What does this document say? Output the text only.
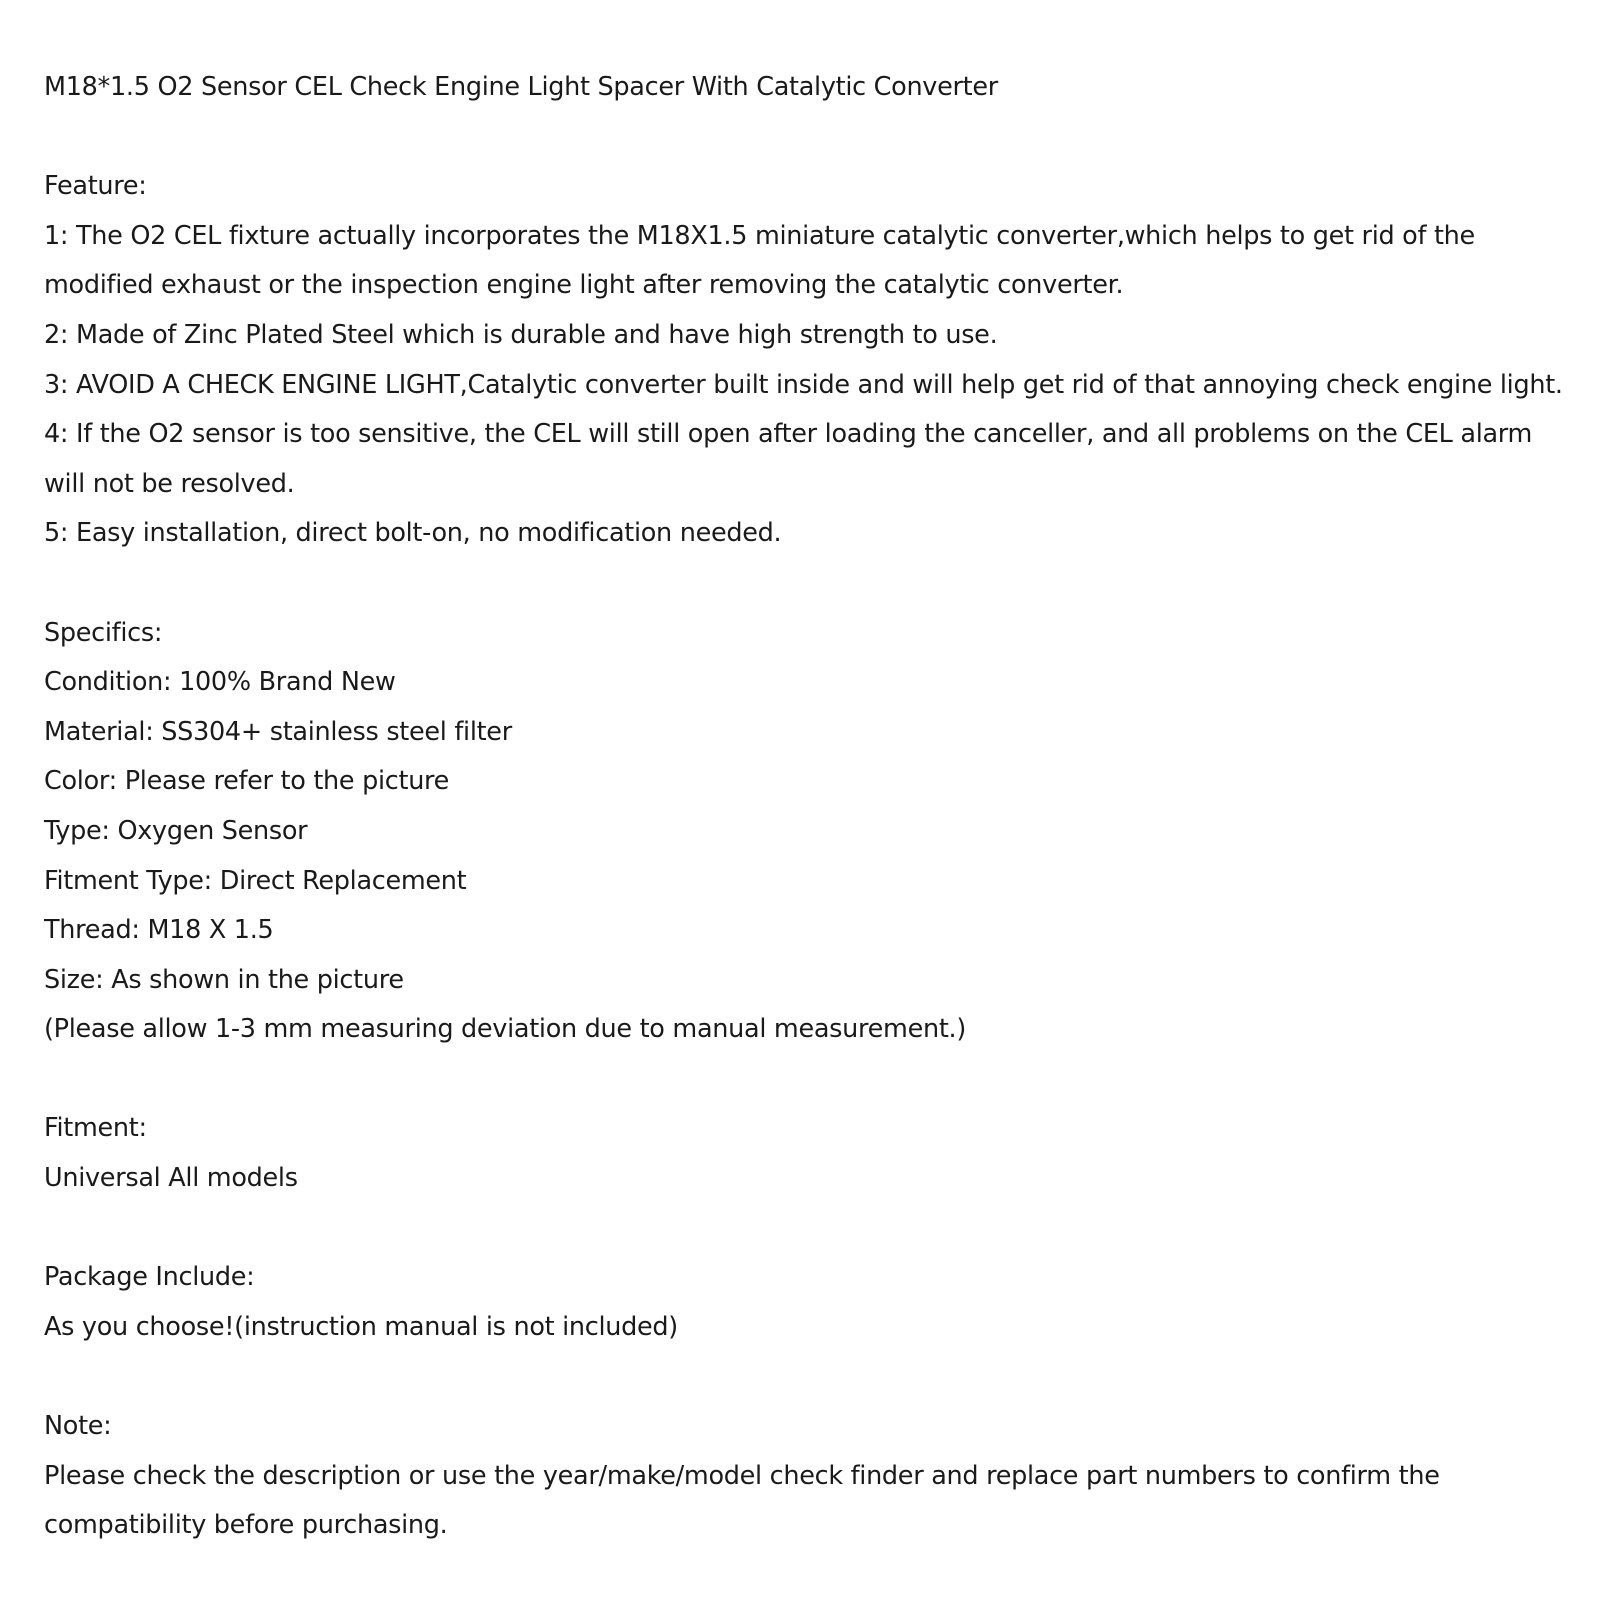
M18*1.5 O2 Sensor CEL Check Engine Light Spacer With Catalytic Converter
Feature:
1: The O2 CEL fixture actually incorporates the M18X1.5 miniature catalytic converter,which helps to get rid of the
modified exhaust or the inspection engine light after removing the catalytic converter.
2: Made of Zinc Plated Steel which is durable and have high strength to use.
3: AVOID A CHECK ENGINE LIGHT,Catalytic converter built inside and will help get rid of that annoying check engine light.
4: If the O2 sensor is too sensitive, the CEL will still open after loading the canceller, and all problems on the CEL alarm
will not be resolved.
5: Easy installation, direct bolt-on, no modification needed.
Specifics:
Condition: 100% Brand New
Material: SS304+ stainless steel filter
Color: Please refer to the picture
Type: Oxygen Sensor
Fitment Type: Direct Replacement
Thread: M18 X 1.5
Size: As shown in the picture
(Please allow 1-3 mm measuring deviation due to manual measurement.)
Fitment:
Universal All models
Package Include:
As you choose!(instruction manual is not included)
Note:
Please check the description or use the year/make/model check finder and replace part numbers to confirm the
compatibility before purchasing.
